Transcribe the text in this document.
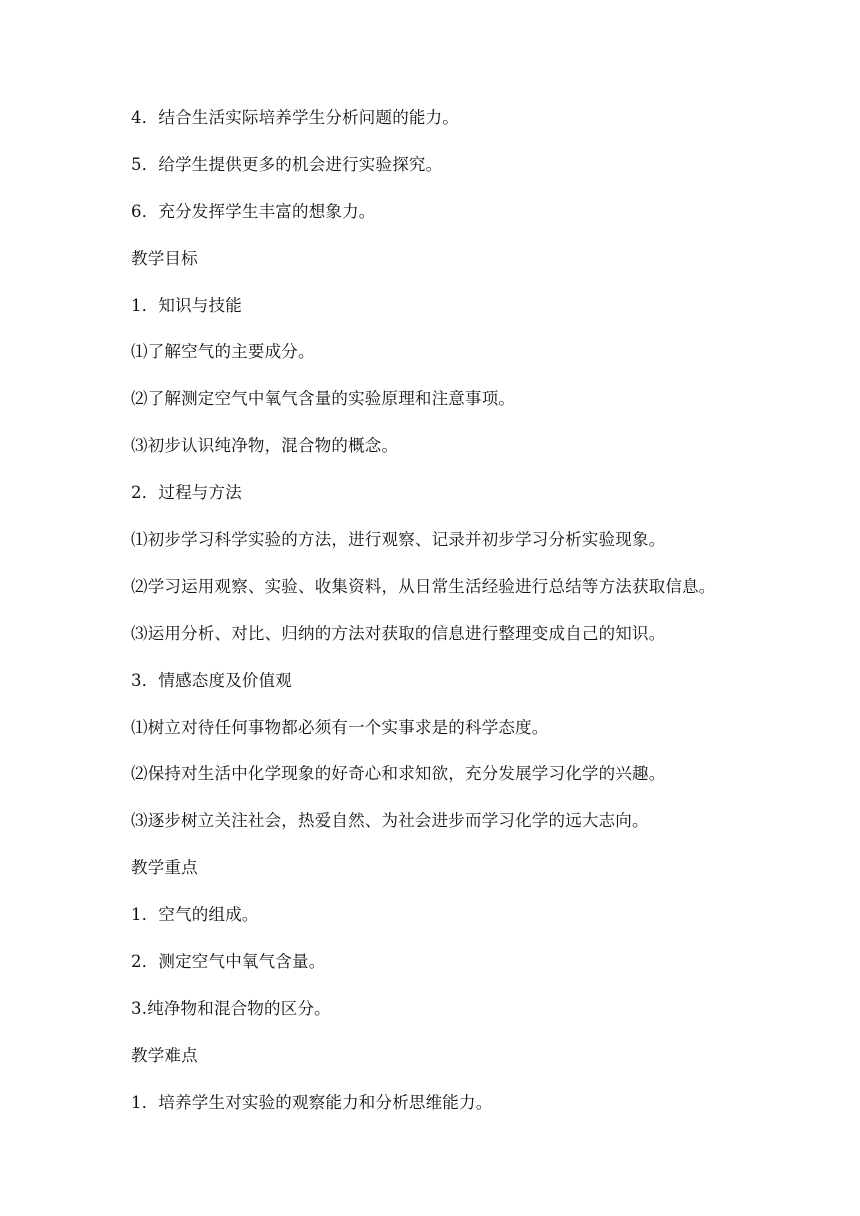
4．结合生活实际培养学生分析问题的能力。
5．给学生提供更多的机会进行实验探究。
6．充分发挥学生丰富的想象力。
教学目标
1．知识与技能
⑴了解空气的主要成分。
⑵了解测定空气中氧气含量的实验原理和注意事项。
⑶初步认识纯净物，混合物的概念。
2．过程与方法
⑴初步学习科学实验的方法，进行观察、记录并初步学习分析实验现象。
⑵学习运用观察、实验、收集资料，从日常生活经验进行总结等方法获取信息。
⑶运用分析、对比、归纳的方法对获取的信息进行整理变成自己的知识。
3．情感态度及价值观
⑴树立对待任何事物都必须有一个实事求是的科学态度。
⑵保持对生活中化学现象的好奇心和求知欲，充分发展学习化学的兴趣。
⑶逐步树立关注社会，热爱自然、为社会进步而学习化学的远大志向。
教学重点
1．空气的组成。
2．测定空气中氧气含量。
3.纯净物和混合物的区分。
教学难点
1．培养学生对实验的观察能力和分析思维能力。
